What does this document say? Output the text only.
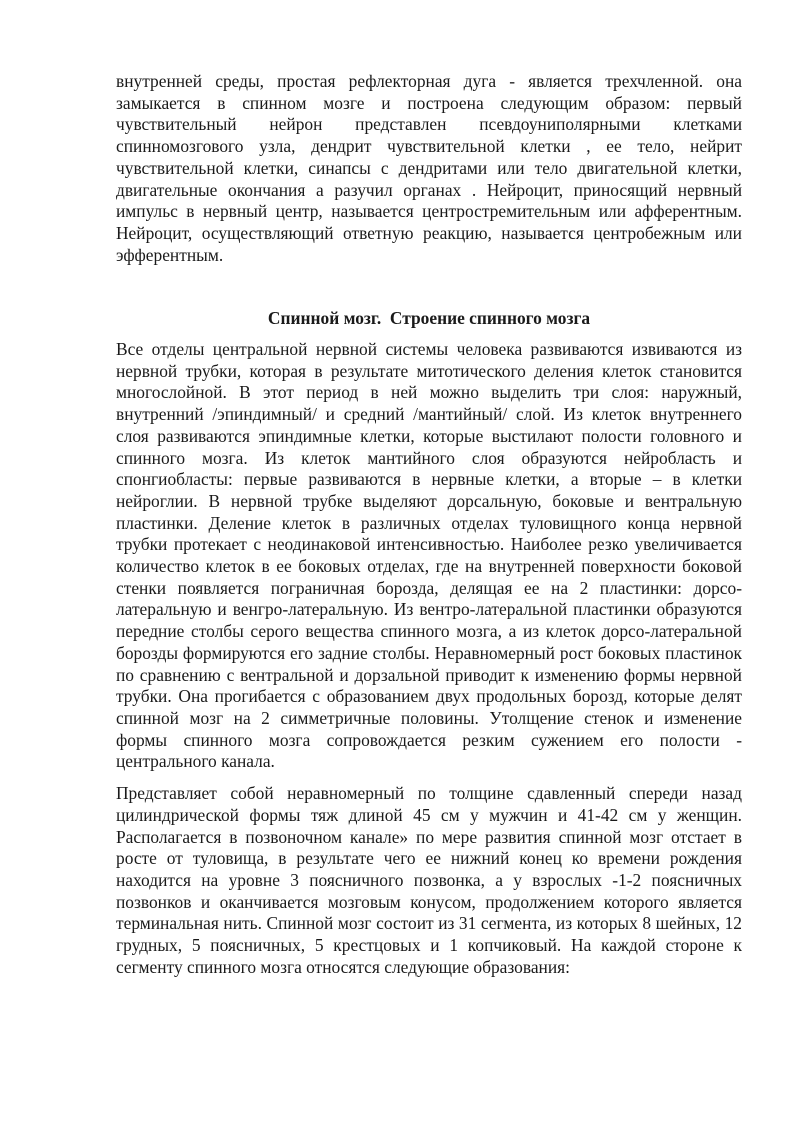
внутренней среды, простая рефлекторная дуга - является трехчленной. она замыкается в спинном мозге и построена следующим образом: первый чувствительный нейрон представлен псевдоуниполярными клетками спинномозгового узла, дендрит чувствительной клетки , ее тело, нейрит чувствительной клетки, синапсы с дендритами или тело двигательной клетки, двигательные окончания а разучил органах . Нейроцит, приносящий нервный импульс в нервный центр, называется центростремительным или афферентным. Нейроцит, осуществляющий ответную реакцию, называется центробежным или эфферентным.

Спинной мозг.  Строение спинного мозга

Все отделы центральной нервной системы человека развиваются извиваются из нервной трубки, которая в результате митотического деления клеток становится многослойной. В этот период в ней можно выделить три слоя: наружный, внутренний /эпиндимный/ и средний /мантийный/ слой. Из клеток внутреннего слоя развиваются эпиндимные клетки, которые выстилают полости головного и спинного мозга. Из клеток мантийного слоя образуются нейробласть и спонгиобласты: первые развиваются в нервные клетки, а вторые – в клетки нейроглии. В нервной трубке выделяют дорсальную, боковые и вентральную пластинки. Деление клеток в различных отделах туловищного конца нервной трубки протекает с неодинаковой интенсивностью. Наиболее резко увеличивается количество клеток в ее боковых отделах, где на внутренней поверхности боковой стенки появляется пограничная борозда, делящая ее на 2 пластинки: дорсо-латеральную и венгро-латеральную. Из вентро-латеральной пластинки образуются передние столбы серого вещества спинного мозга, а из клеток дорсо-латеральной борозды формируются его задние столбы. Неравномерный рост боковых пластинок по сравнению с вентральной и дорзальной приводит к изменению формы нервной трубки. Она прогибается с образованием двух продольных борозд, которые делят спинной мозг на 2 симметричные половины. Утолщение стенок и изменение формы спинного мозга сопровождается резким сужением его полости - центрального канала.

Представляет собой неравномерный по толщине сдавленный спереди назад цилиндрической формы тяж длиной 45 см у мужчин и 41-42 см у женщин. Располагается в позвоночном канале» по мере развития спинной мозг отстает в росте от туловища, в результате чего ее нижний конец ко времени рождения находится на уровне 3 поясничного позвонка, а у взрослых -1-2 поясничных позвонков и оканчивается мозговым конусом, продолжением которого является терминальная нить. Спинной мозг состоит из 31 сегмента, из которых 8 шейных, 12 грудных, 5 поясничных, 5 крестцовых и 1 копчиковый. На каждой стороне к сегменту спинного мозга относятся следующие образования:
